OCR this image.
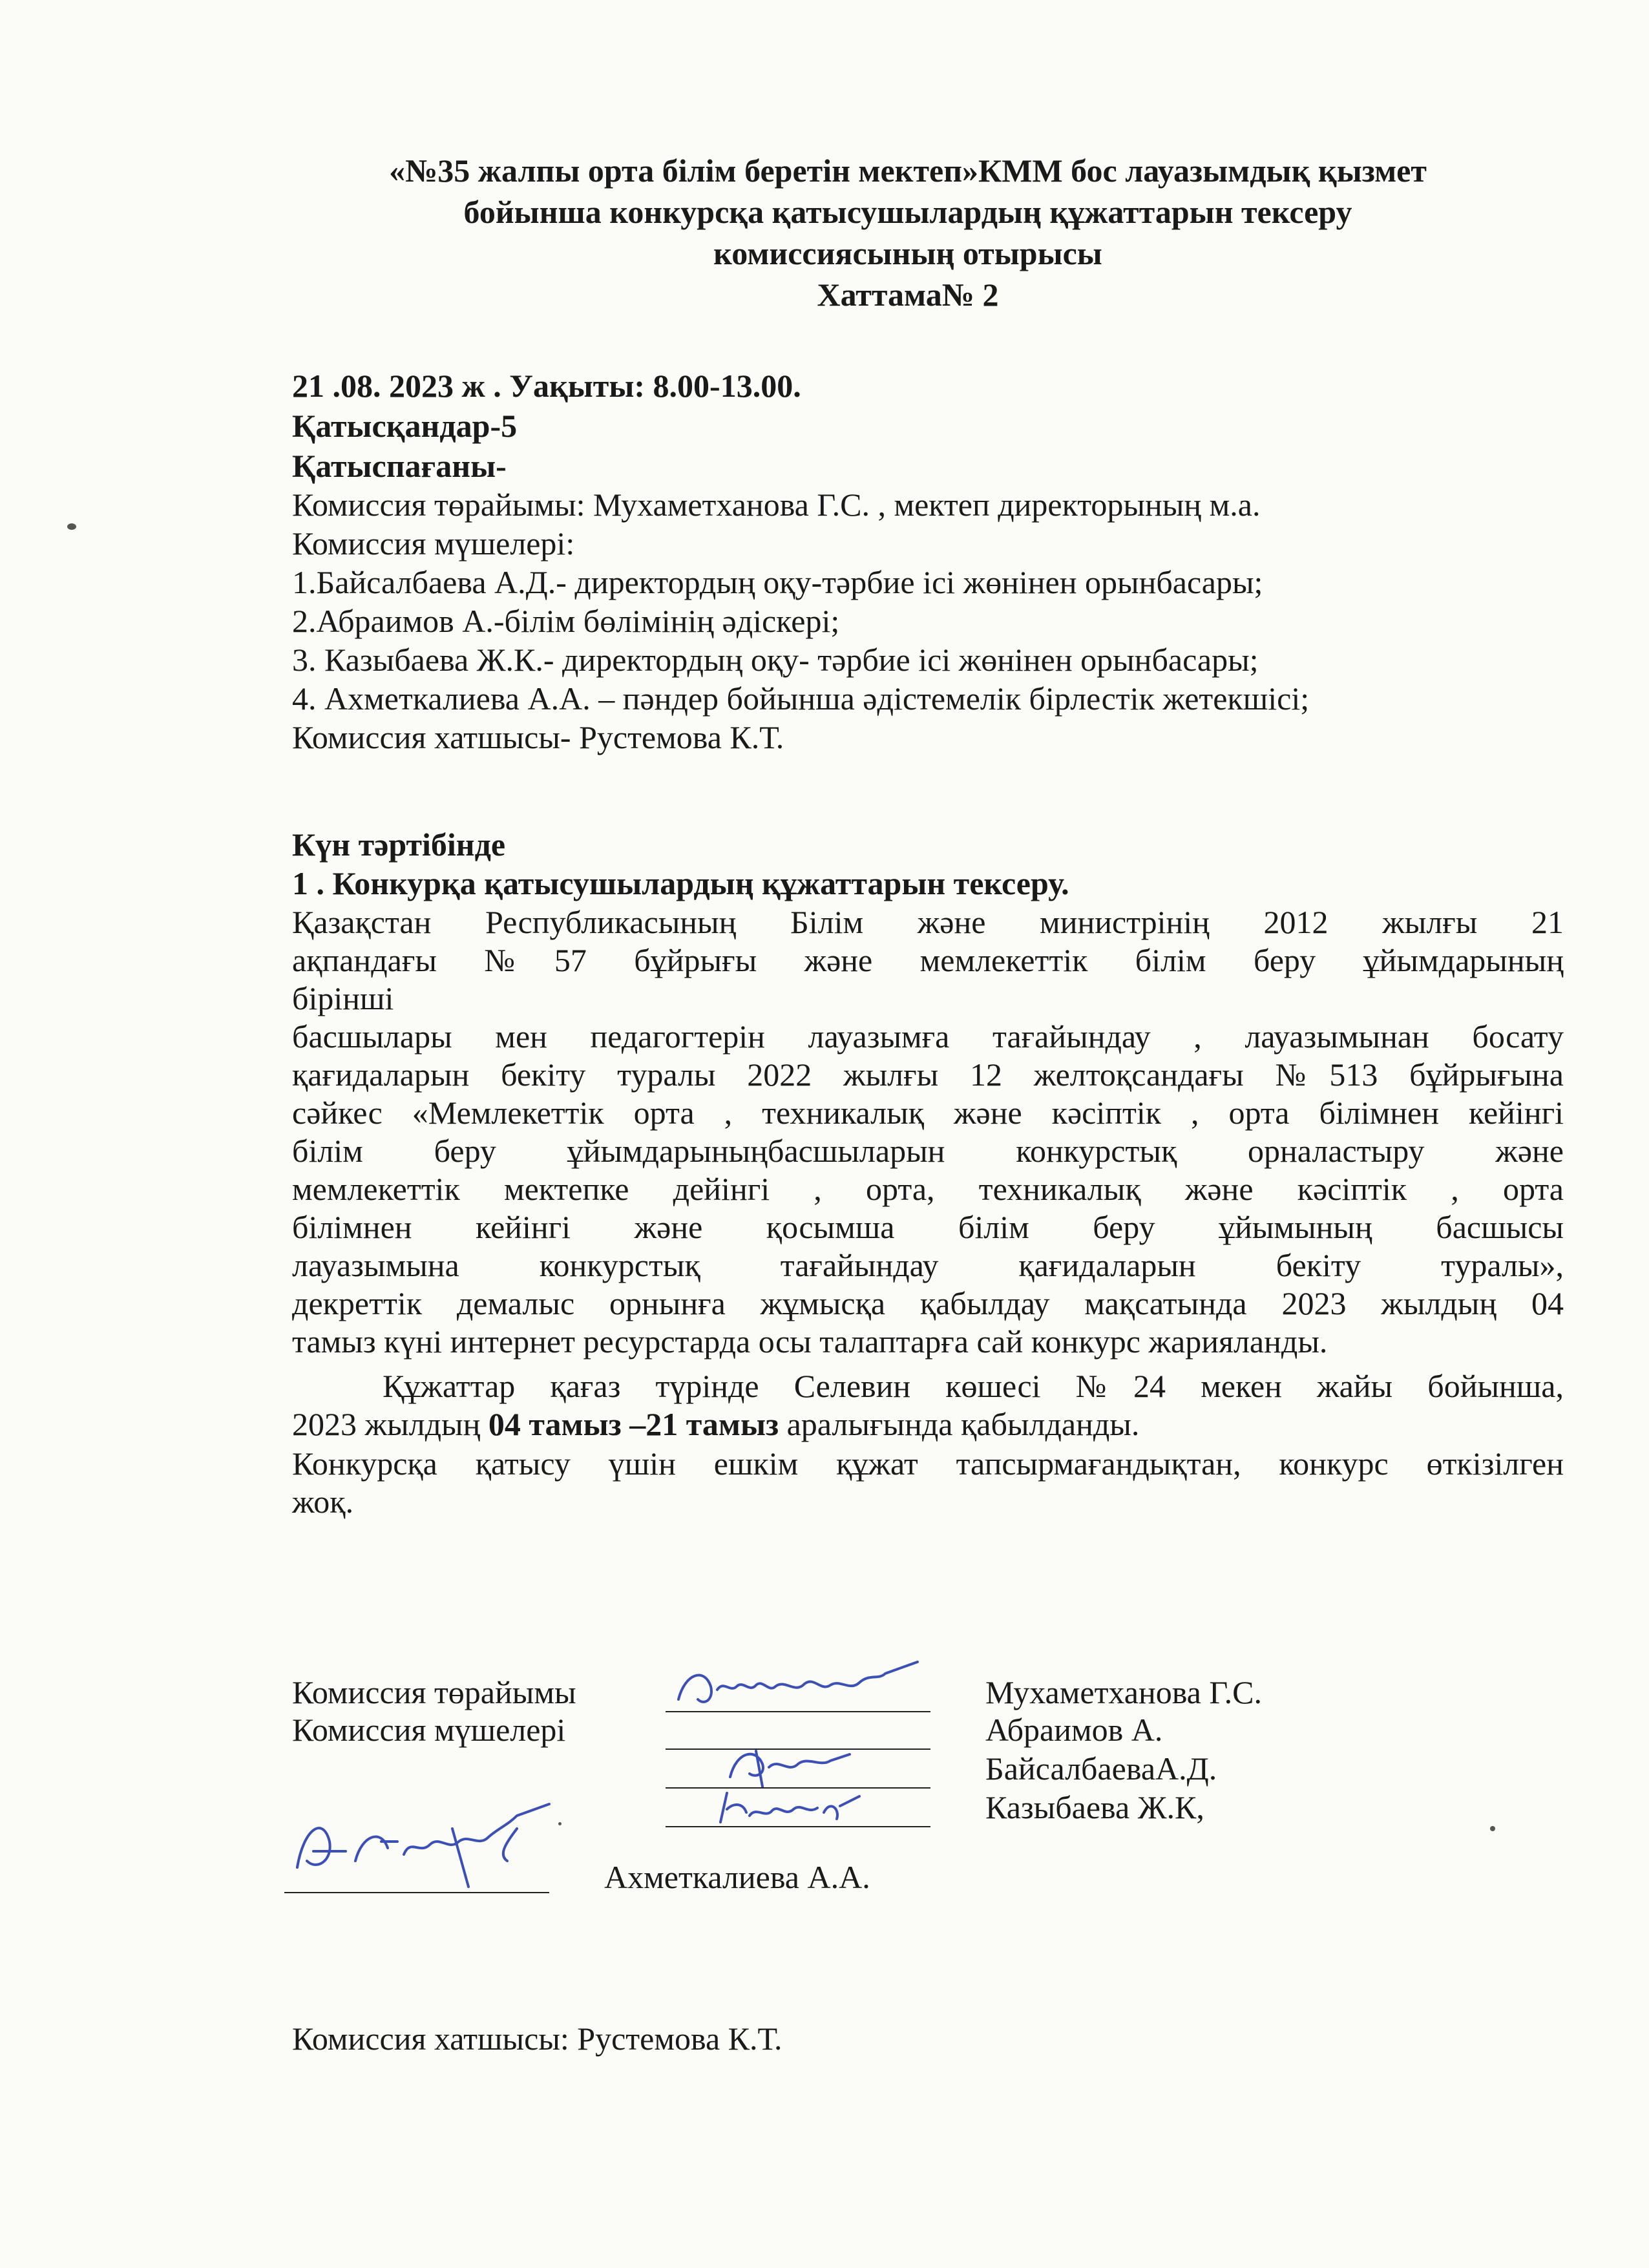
«№35 жалпы орта білім беретін мектеп»КММ бос лауазымдық қызмет
бойынша конкурсқа қатысушылардың құжаттарын тексеру
комиссиясының отырысы
Хаттама№ 2
21 .08. 2023 ж . Уақыты: 8.00-13.00.
Қатысқандар-5
Қатыспағаны-
Комиссия төрайымы: Мухаметханова Г.С. , мектеп директорының м.а.
Комиссия мүшелері:
1.Байсалбаева А.Д.- директордың оқу-тәрбие ісі жөнінен орынбасары;
2.Абраимов А.-білім бөлімінің әдіскері;
3. Казыбаева Ж.К.- директордың оқу- тәрбие ісі жөнінен орынбасары;
4. Ахметкалиева А.А. – пәндер бойынша әдістемелік бірлестік жетекшісі;
Комиссия хатшысы- Рустемова К.Т.
Күн тәртібінде
1 . Конкурқа қатысушылардың құжаттарын тексеру.
Қазақстан Республикасының Білім және министрінің 2012 жылғы 21
ақпандағы №57 бұйрығы және мемлекеттік білім беру ұйымдарының
бірінші
басшылары мен педагогтерін лауазымға тағайындау , лауазымынан босату
қағидаларын бекіту туралы 2022 жылғы 12 желтоқсандағы №513 бұйрығына
сәйкес «Мемлекеттік орта , техникалық және кәсіптік , орта білімнен кейінгі
білім беру ұйымдарыныңбасшыларын конкурстық орналастыру және
мемлекеттік мектепке дейінгі , орта, техникалық және кәсіптік , орта
білімнен кейінгі және қосымша білім беру ұйымының басшысы
лауазымына конкурстық тағайындау қағидаларын бекіту туралы»,
декреттік демалыс орнынға жұмысқа қабылдау мақсатында 2023 жылдың 04
тамыз күні интернет ресурстарда осы талаптарға сай конкурс жарияланды.
Құжаттар қағаз түрінде Селевин көшесі №24 мекен жайы бойынша,
2023 жылдың 04 тамыз –21 тамыз аралығында қабылданды.
Конкурсқа қатысу үшін ешкім құжат тапсырмағандықтан, конкурс өткізілген
жоқ.
Комиссия төрайымы	Мухаметханова Г.С.
Комиссия мүшелері	Абраимов А.
БайсалбаеваА.Д.
Казыбаева Ж.К,
Ахметкалиева А.А.
Комиссия хатшысы: Рустемова К.Т.
